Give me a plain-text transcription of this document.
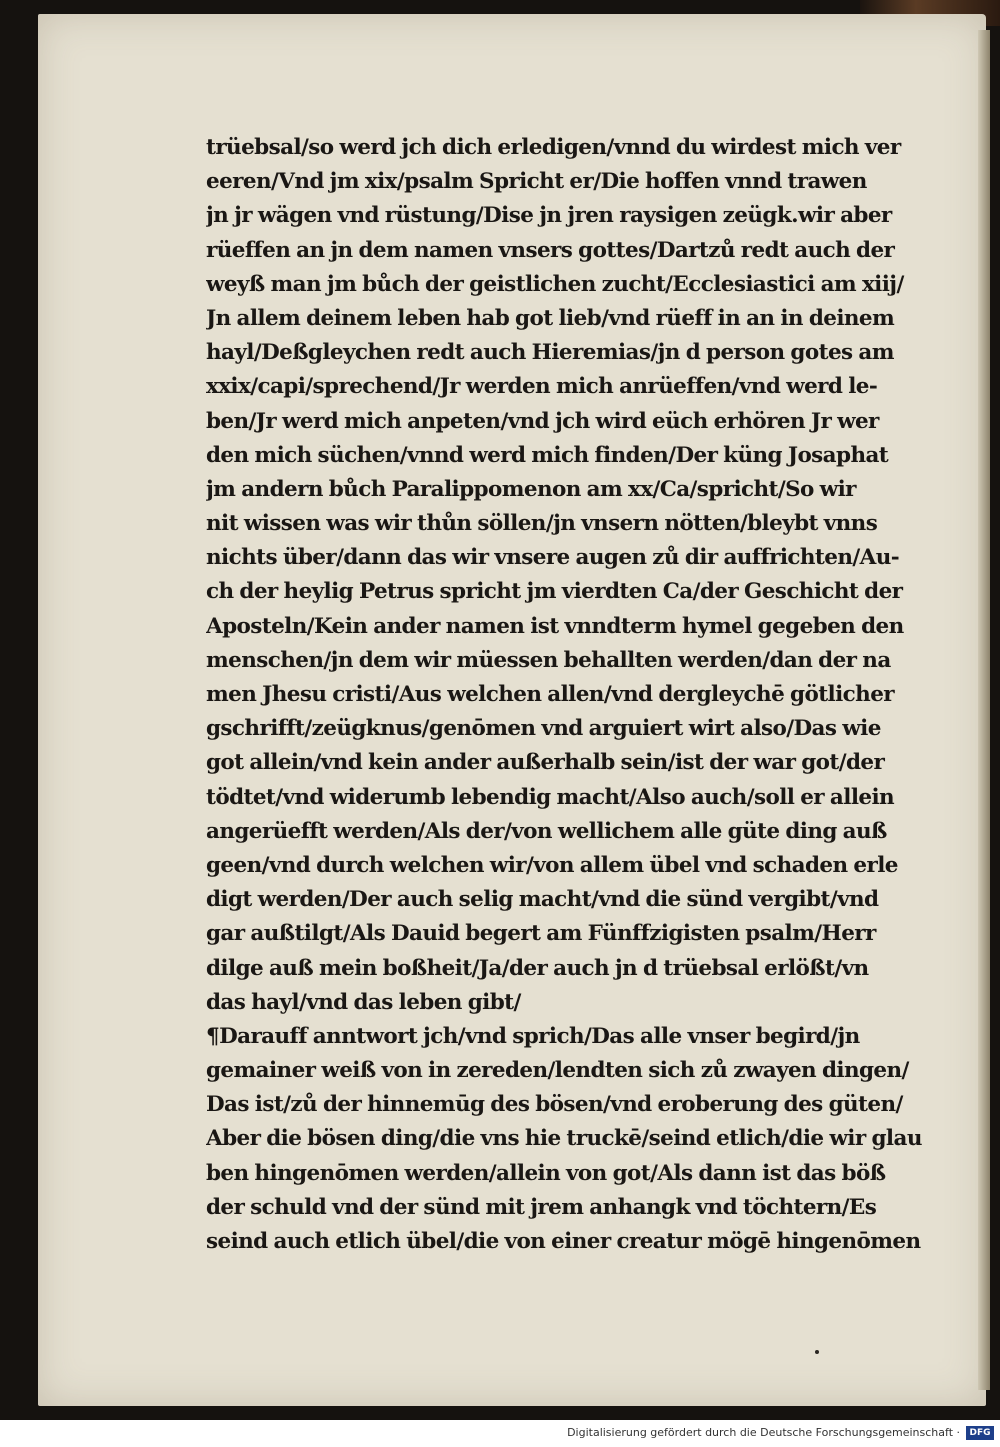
trüebsal/so werd jch dich erledigen/vnnd du wirdest mich ver
eeren/Vnd jm xix/psalm Spricht er/Die hoffen vnnd trawen
jn jr wägen vnd rüstung/Dise jn jren raysigen zeügk.wir aber
rüeffen an jn dem namen vnsers gottes/Dartzů redt auch der
weyß man jm bůch der geistlichen zucht/Ecclesiastici am xiij/
Jn allem deinem leben hab got lieb/vnd rüeff in an in deinem
hayl/Deßgleychen redt auch Hieremias/jn d person gotes am
xxix/capi/sprechend/Jr werden mich anrüeffen/vnd werd le-
ben/Jr werd mich anpeten/vnd jch wird eüch erhören Jr wer
den mich süchen/vnnd werd mich finden/Der küng Josaphat
jm andern bůch Paralippomenon am xx/Ca/spricht/So wir
nit wissen was wir thůn söllen/jn vnsern nötten/bleybt vnns
nichts über/dann das wir vnsere augen zů dir auffrichten/Au-
ch der heylig Petrus spricht jm vierdten Ca/der Geschicht der
Aposteln/Kein ander namen ist vnndterm hymel gegeben den
menschen/jn dem wir müessen behallten werden/dan der na
men Jhesu cristi/Aus welchen allen/vnd dergleychē götlicher
gschrifft/zeügknus/genōmen vnd arguiert wirt also/Das wie
got allein/vnd kein ander außerhalb sein/ist der war got/der
tödtet/vnd widerumb lebendig macht/Also auch/soll er allein
angerüefft werden/Als der/von wellichem alle güte ding auß
geen/vnd durch welchen wir/von allem übel vnd schaden erle
digt werden/Der auch selig macht/vnd die sünd vergibt/vnd
gar außtilgt/Als Dauid begert am Fünffzigisten psalm/Herr
dilge auß mein boßheit/Ja/der auch jn d trüebsal erlößt/vn
das hayl/vnd das leben gibt/
¶Darauff anntwort jch/vnd sprich/Das alle vnser begird/jn
gemainer weiß von in zereden/lendten sich zů zwayen dingen/
Das ist/zů der hinnemūg des bösen/vnd eroberung des güten/
Aber die bösen ding/die vns hie truckē/seind etlich/die wir glau
ben hingenōmen werden/allein von got/Als dann ist das böß
der schuld vnd der sünd mit jrem anhangk vnd töchtern/Es
seind auch etlich übel/die von einer creatur mögē hingenōmen
Digitalisierung gefördert durch die Deutsche Forschungsgemeinschaft ·	DFG
